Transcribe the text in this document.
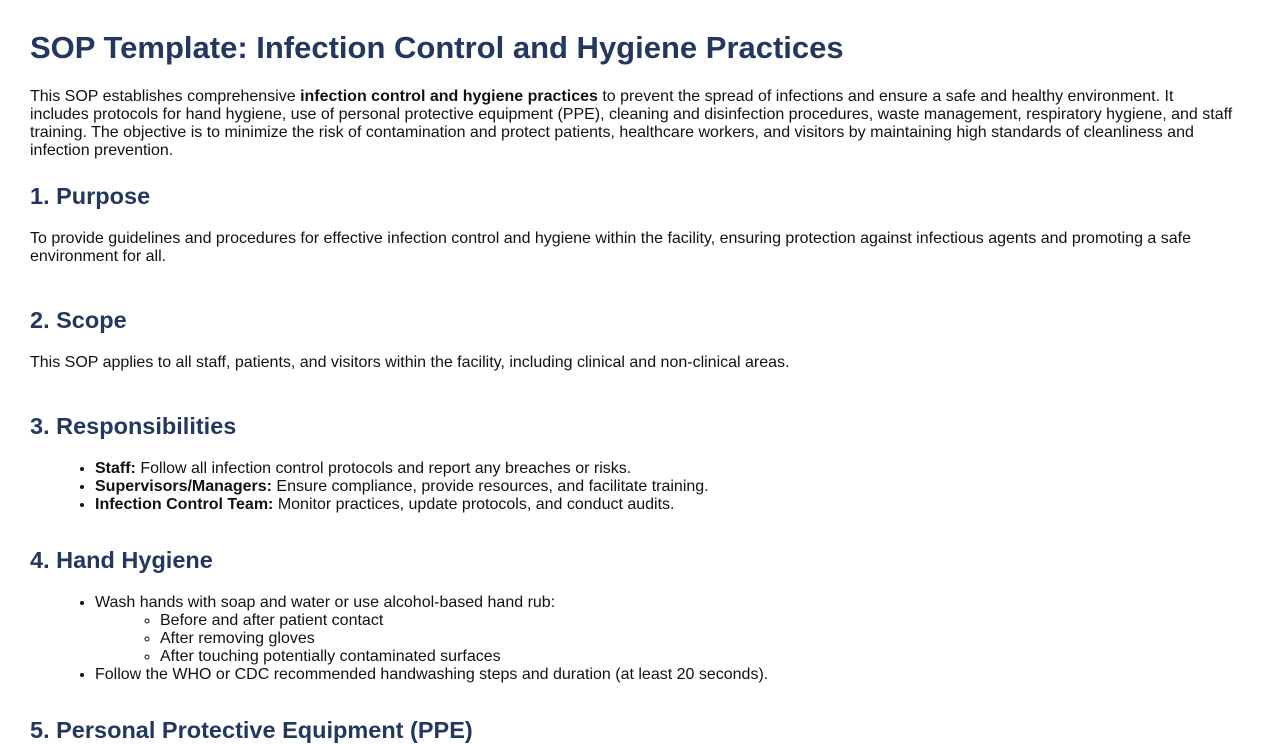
SOP Template: Infection Control and Hygiene Practices

This SOP establishes comprehensive infection control and hygiene practices to prevent the spread of infections and ensure a safe and healthy environment. It includes protocols for hand hygiene, use of personal protective equipment (PPE), cleaning and disinfection procedures, waste management, respiratory hygiene, and staff training. The objective is to minimize the risk of contamination and protect patients, healthcare workers, and visitors by maintaining high standards of cleanliness and infection prevention.

1. Purpose

To provide guidelines and procedures for effective infection control and hygiene within the facility, ensuring protection against infectious agents and promoting a safe environment for all.

2. Scope

This SOP applies to all staff, patients, and visitors within the facility, including clinical and non-clinical areas.

3. Responsibilities
• Staff: Follow all infection control protocols and report any breaches or risks.
• Supervisors/Managers: Ensure compliance, provide resources, and facilitate training.
• Infection Control Team: Monitor practices, update protocols, and conduct audits.
4. Hand Hygiene
• Wash hands with soap and water or use alcohol-based hand rub:
◦ Before and after patient contact
◦ After removing gloves
◦ After touching potentially contaminated surfaces
• Follow the WHO or CDC recommended handwashing steps and duration (at least 20 seconds).
5. Personal Protective Equipment (PPE)
